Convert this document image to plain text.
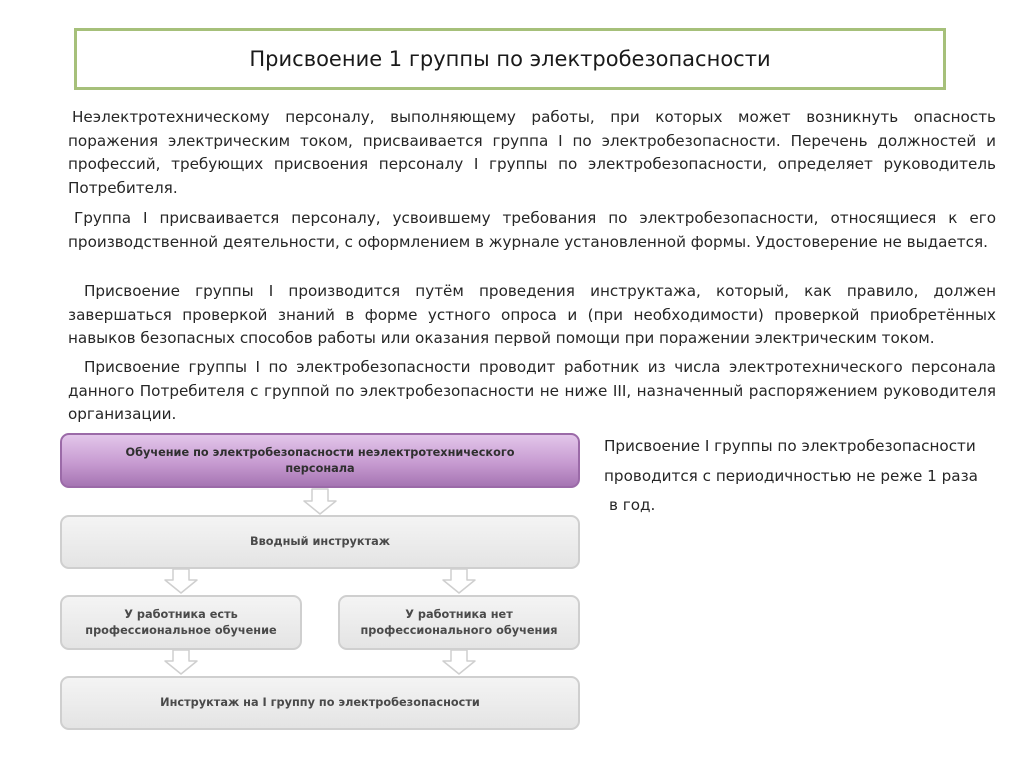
Присвоение 1 группы по электробезопасности

Неэлектротехническому персоналу, выполняющему работы, при которых может возникнуть опасность поражения электрическим током, присваивается группа I по электробезопасности. Перечень должностей и профессий, требующих присвоения персоналу I группы по электробезопасности, определяет руководитель Потребителя.

Группа I присваивается персоналу, усвоившему требования по электробезопасности, относящиеся к его производственной деятельности, с оформлением в журнале установленной формы. Удостоверение не выдается.

Присвоение группы I производится путём проведения инструктажа, который, как правило, должен завершаться проверкой знаний в форме устного опроса и (при необходимости) проверкой приобретённых навыков безопасных способов работы или оказания первой помощи при поражении электрическим током.

Присвоение группы I по электробезопасности проводит работник из числа электротехнического персонала данного Потребителя с группой по электробезопасности не ниже III, назначенный распоряжением руководителя организации.

Обучение по электробезопасности неэлектротехнического персонала
Вводный инструктаж
У работника есть профессиональное обучение
У работника нет профессионального обучения
Инструктаж на I группу по электробезопасности

Присвоение I группы по электробезопасности
проводится с периодичностью не реже 1 раза
в год.
